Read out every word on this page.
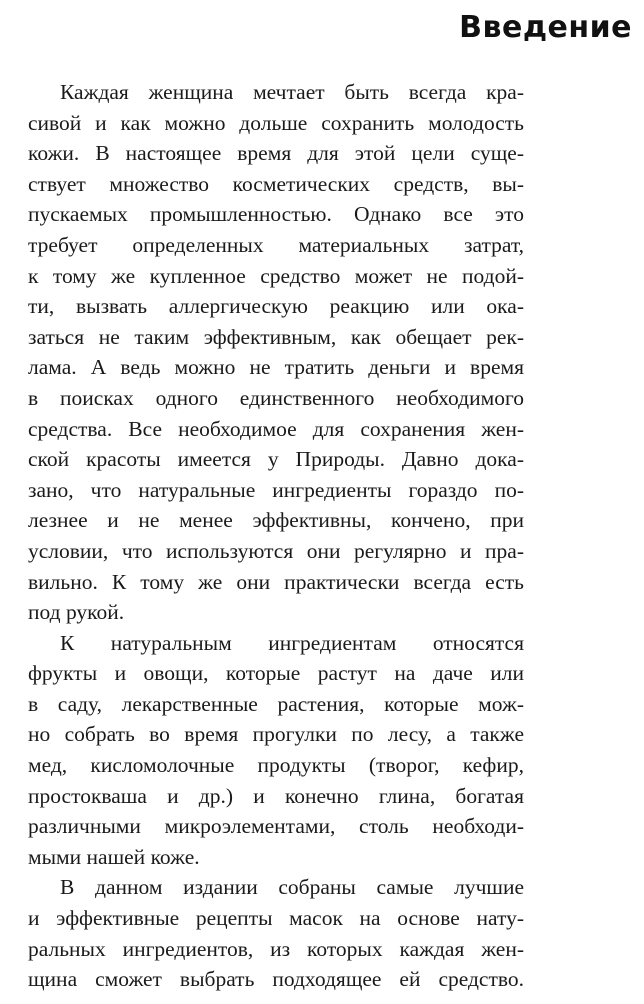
Введение
Каждая женщина мечтает быть всегда кра-
сивой и как можно дольше сохранить молодость
кожи. В настоящее время для этой цели суще-
ствует множество косметических средств, вы-
пускаемых промышленностью. Однако все это
требует определенных материальных затрат,
к тому же купленное средство может не подой-
ти, вызвать аллергическую реакцию или ока-
заться не таким эффективным, как обещает рек-
лама. А ведь можно не тратить деньги и время
в поисках одного единственного необходимого
средства. Все необходимое для сохранения жен-
ской красоты имеется у Природы. Давно дока-
зано, что натуральные ингредиенты гораздо по-
лезнее и не менее эффективны, кончено, при
условии, что используются они регулярно и пра-
вильно. К тому же они практически всегда есть
под рукой.
К натуральным ингредиентам относятся
фрукты и овощи, которые растут на даче или
в саду, лекарственные растения, которые мож-
но собрать во время прогулки по лесу, а также
мед, кисломолочные продукты (творог, кефир,
простокваша и др.) и конечно глина, богатая
различными микроэлементами, столь необходи-
мыми нашей коже.
В данном издании собраны самые лучшие
и эффективные рецепты масок на основе нату-
ральных ингредиентов, из которых каждая жен-
щина сможет выбрать подходящее ей средство.
